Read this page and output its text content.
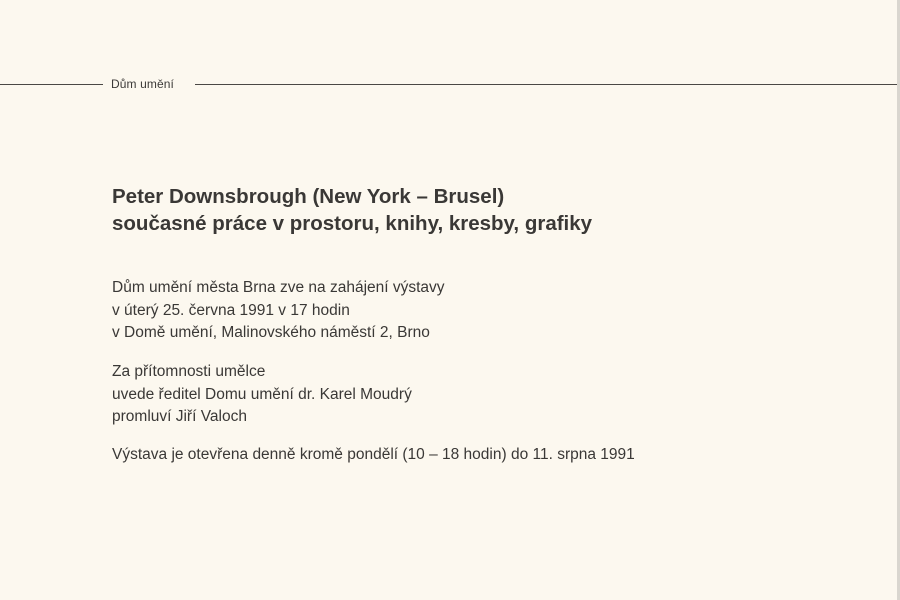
Dům umění
Peter Downsbrough (New York – Brusel)
současné práce v prostoru, knihy, kresby, grafiky
Dům umění města Brna zve na zahájení výstavy
v úterý 25. června 1991 v 17 hodin
v Domě umění, Malinovského náměstí 2, Brno
Za přítomnosti umělce
uvede ředitel Domu umění dr. Karel Moudrý
promluví Jiří Valoch
Výstava je otevřena denně kromě pondělí (10 – 18 hodin) do 11. srpna 1991
